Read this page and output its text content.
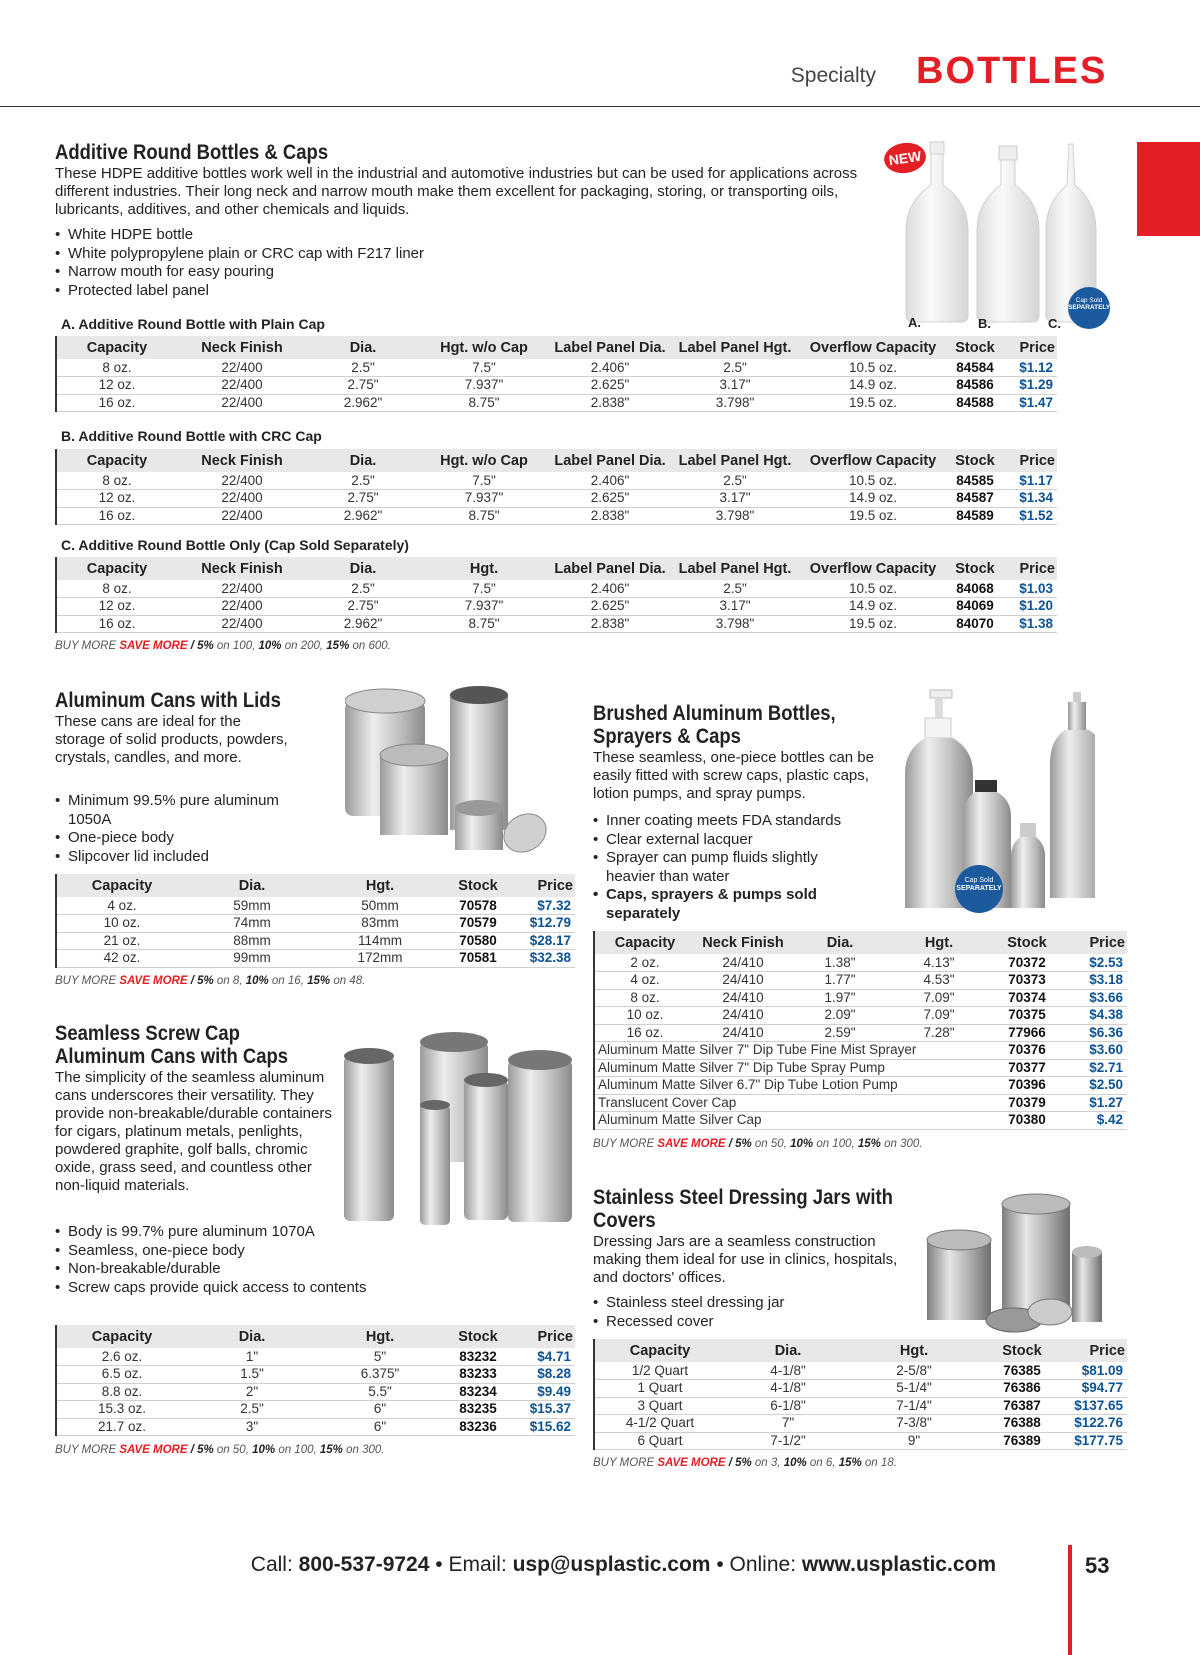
Specialty BOTTLES
Additive Round Bottles & Caps
These HDPE additive bottles work well in the industrial and automotive industries but can be used for applications across different industries. Their long neck and narrow mouth make them excellent for packaging, storing, or transporting oils, lubricants, additives, and other chemicals and liquids.
• White HDPE bottle
• White polypropylene plain or CRC cap with F217 liner
• Narrow mouth for easy pouring
• Protected label panel
NEW
Cap Sold
SEPARATELY
A.	B.	C.
A. Additive Round Bottle with Plain Cap
Capacity	Neck Finish	Dia.	Hgt. w/o Cap	Label Panel Dia.	Label Panel Hgt.	Overflow Capacity	Stock	Price
8 oz.	22/400	2.5"	7.5"	2.406"	2.5"	10.5 oz.	84584	$1.12
12 oz.	22/400	2.75"	7.937"	2.625"	3.17"	14.9 oz.	84586	$1.29
16 oz.	22/400	2.962"	8.75"	2.838"	3.798"	19.5 oz.	84588	$1.47
B. Additive Round Bottle with CRC Cap
Capacity	Neck Finish	Dia.	Hgt. w/o Cap	Label Panel Dia.	Label Panel Hgt.	Overflow Capacity	Stock	Price
8 oz.	22/400	2.5"	7.5"	2.406"	2.5"	10.5 oz.	84585	$1.17
12 oz.	22/400	2.75"	7.937"	2.625"	3.17"	14.9 oz.	84587	$1.34
16 oz.	22/400	2.962"	8.75"	2.838"	3.798"	19.5 oz.	84589	$1.52
C. Additive Round Bottle Only (Cap Sold Separately)
Capacity	Neck Finish	Dia.	Hgt.	Label Panel Dia.	Label Panel Hgt.	Overflow Capacity	Stock	Price
8 oz.	22/400	2.5"	7.5"	2.406"	2.5"	10.5 oz.	84068	$1.03
12 oz.	22/400	2.75"	7.937"	2.625"	3.17"	14.9 oz.	84069	$1.20
16 oz.	22/400	2.962"	8.75"	2.838"	3.798"	19.5 oz.	84070	$1.38
BUY MORE SAVE MORE / 5% on 100, 10% on 200, 15% on 600.
Aluminum Cans with Lids
These cans are ideal for the storage of solid products, powders, crystals, candles, and more.
• Minimum 99.5% pure aluminum 1050A
• One-piece body
• Slipcover lid included
Capacity	Dia.	Hgt.	Stock	Price
4 oz.	59mm	50mm	70578	$7.32
10 oz.	74mm	83mm	70579	$12.79
21 oz.	88mm	114mm	70580	$28.17
42 oz.	99mm	172mm	70581	$32.38
BUY MORE SAVE MORE / 5% on 8, 10% on 16, 15% on 48.
Seamless Screw Cap
Aluminum Cans with Caps
The simplicity of the seamless aluminum cans underscores their versatility. They provide non-breakable/durable containers for cigars, platinum metals, penlights, powdered graphite, golf balls, chromic oxide, grass seed, and countless other non-liquid materials.
• Body is 99.7% pure aluminum 1070A
• Seamless, one-piece body
• Non-breakable/durable
• Screw caps provide quick access to contents
Capacity	Dia.	Hgt.	Stock	Price
2.6 oz.	1"	5"	83232	$4.71
6.5 oz.	1.5"	6.375"	83233	$8.28
8.8 oz.	2"	5.5"	83234	$9.49
15.3 oz.	2.5"	6"	83235	$15.37
21.7 oz.	3"	6"	83236	$15.62
BUY MORE SAVE MORE / 5% on 50, 10% on 100, 15% on 300.
Brushed Aluminum Bottles,
Sprayers & Caps
These seamless, one-piece bottles can be easily fitted with screw caps, plastic caps, lotion pumps, and spray pumps.
• Inner coating meets FDA standards
• Clear external lacquer
• Sprayer can pump fluids slightly heavier than water
• Caps, sprayers & pumps sold separately
Cap Sold
SEPARATELY
Capacity	Neck Finish	Dia.	Hgt.	Stock	Price
2 oz.	24/410	1.38"	4.13"	70372	$2.53
4 oz.	24/410	1.77"	4.53"	70373	$3.18
8 oz.	24/410	1.97"	7.09"	70374	$3.66
10 oz.	24/410	2.09"	7.09"	70375	$4.38
16 oz.	24/410	2.59"	7.28"	77966	$6.36
Aluminum Matte Silver 7" Dip Tube Fine Mist Sprayer				70376	$3.60
Aluminum Matte Silver 7" Dip Tube Spray Pump				70377	$2.71
Aluminum Matte Silver 6.7" Dip Tube Lotion Pump				70396	$2.50
Translucent Cover Cap				70379	$1.27
Aluminum Matte Silver Cap				70380	$.42
BUY MORE SAVE MORE / 5% on 50, 10% on 100, 15% on 300.
Stainless Steel Dressing Jars with
Covers
Dressing Jars are a seamless construction making them ideal for use in clinics, hospitals, and doctors' offices.
• Stainless steel dressing jar
• Recessed cover
Capacity	Dia.	Hgt.	Stock	Price
1/2 Quart	4-1/8"	2-5/8"	76385	$81.09
1 Quart	4-1/8"	5-1/4"	76386	$94.77
3 Quart	6-1/8"	7-1/4"	76387	$137.65
4-1/2 Quart	7"	7-3/8"	76388	$122.76
6 Quart	7-1/2"	9"	76389	$177.75
BUY MORE SAVE MORE / 5% on 3, 10% on 6, 15% on 18.
Call: 800-537-9724 • Email: usp@usplastic.com • Online: www.usplastic.com	53
